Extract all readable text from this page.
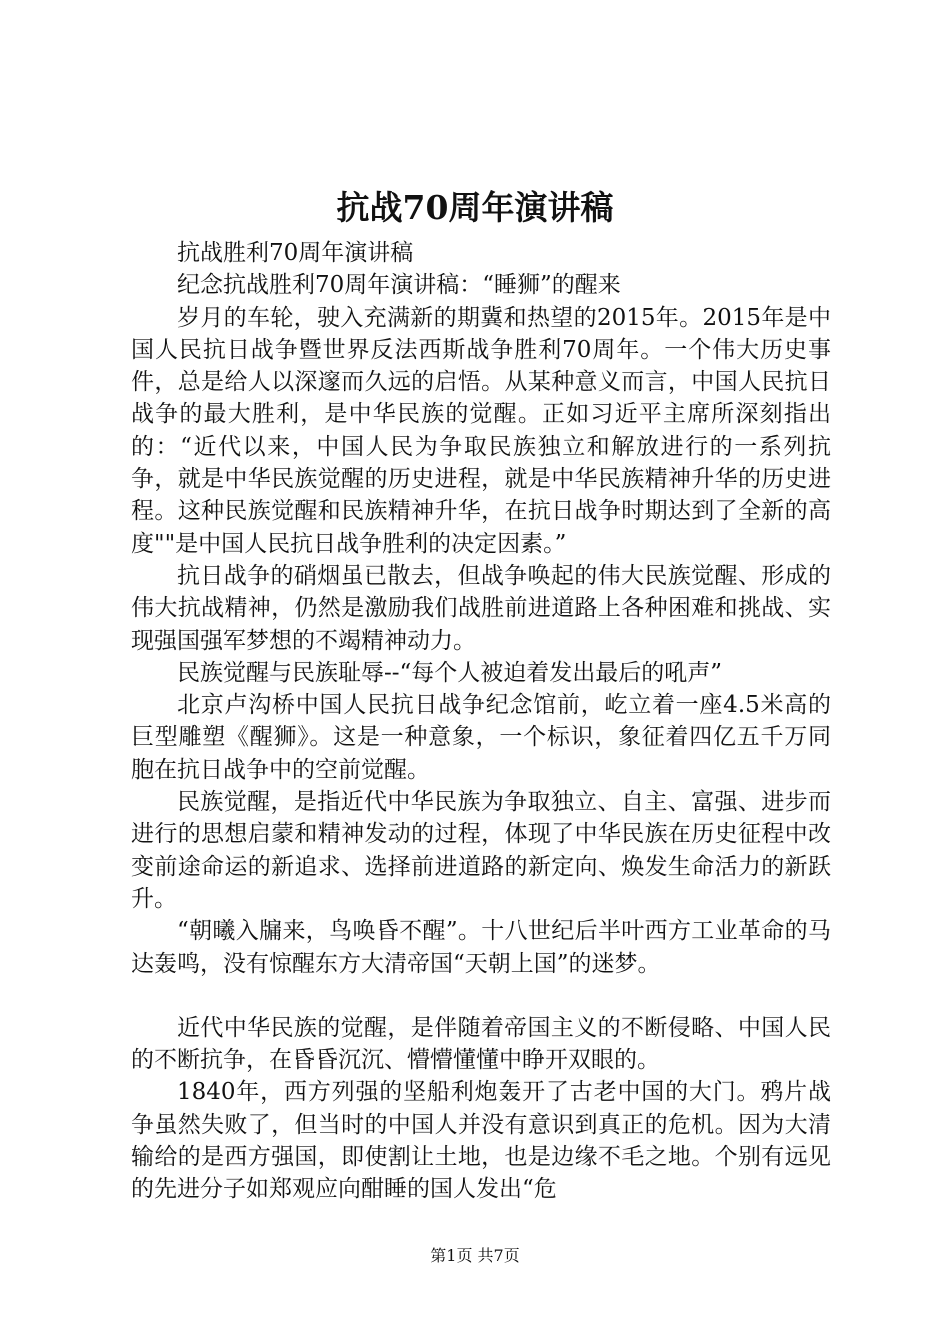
抗战70周年演讲稿

抗战胜利70周年演讲稿

纪念抗战胜利70周年演讲稿：“睡狮”的醒来

岁月的车轮，驶入充满新的期冀和热望的2015年。2015年是中国人民抗日战争暨世界反法西斯战争胜利70周年。一个伟大历史事件，总是给人以深邃而久远的启悟。从某种意义而言，中国人民抗日战争的最大胜利，是中华民族的觉醒。正如习近平主席所深刻指出的：“近代以来，中国人民为争取民族独立和解放进行的一系列抗争，就是中华民族觉醒的历史进程，就是中华民族精神升华的历史进程。这种民族觉醒和民族精神升华，在抗日战争时期达到了全新的高度""是中国人民抗日战争胜利的决定因素。”

抗日战争的硝烟虽已散去，但战争唤起的伟大民族觉醒、形成的伟大抗战精神，仍然是激励我们战胜前进道路上各种困难和挑战、实现强国强军梦想的不竭精神动力。

民族觉醒与民族耻辱--“每个人被迫着发出最后的吼声”

北京卢沟桥中国人民抗日战争纪念馆前，屹立着一座4.5米高的巨型雕塑《醒狮》。这是一种意象，一个标识，象征着四亿五千万同胞在抗日战争中的空前觉醒。

民族觉醒，是指近代中华民族为争取独立、自主、富强、进步而进行的思想启蒙和精神发动的过程，体现了中华民族在历史征程中改变前途命运的新追求、选择前进道路的新定向、焕发生命活力的新跃升。

“朝曦入牖来，鸟唤昏不醒”。十八世纪后半叶西方工业革命的马达轰鸣，没有惊醒东方大清帝国“天朝上国”的迷梦。

近代中华民族的觉醒，是伴随着帝国主义的不断侵略、中国人民的不断抗争，在昏昏沉沉、懵懵懂懂中睁开双眼的。

1840年，西方列强的坚船利炮轰开了古老中国的大门。鸦片战争虽然失败了，但当时的中国人并没有意识到真正的危机。因为大清输给的是西方强国，即使割让土地，也是边缘不毛之地。个别有远见的先进分子如郑观应向酣睡的国人发出“危

第1页 共7页
